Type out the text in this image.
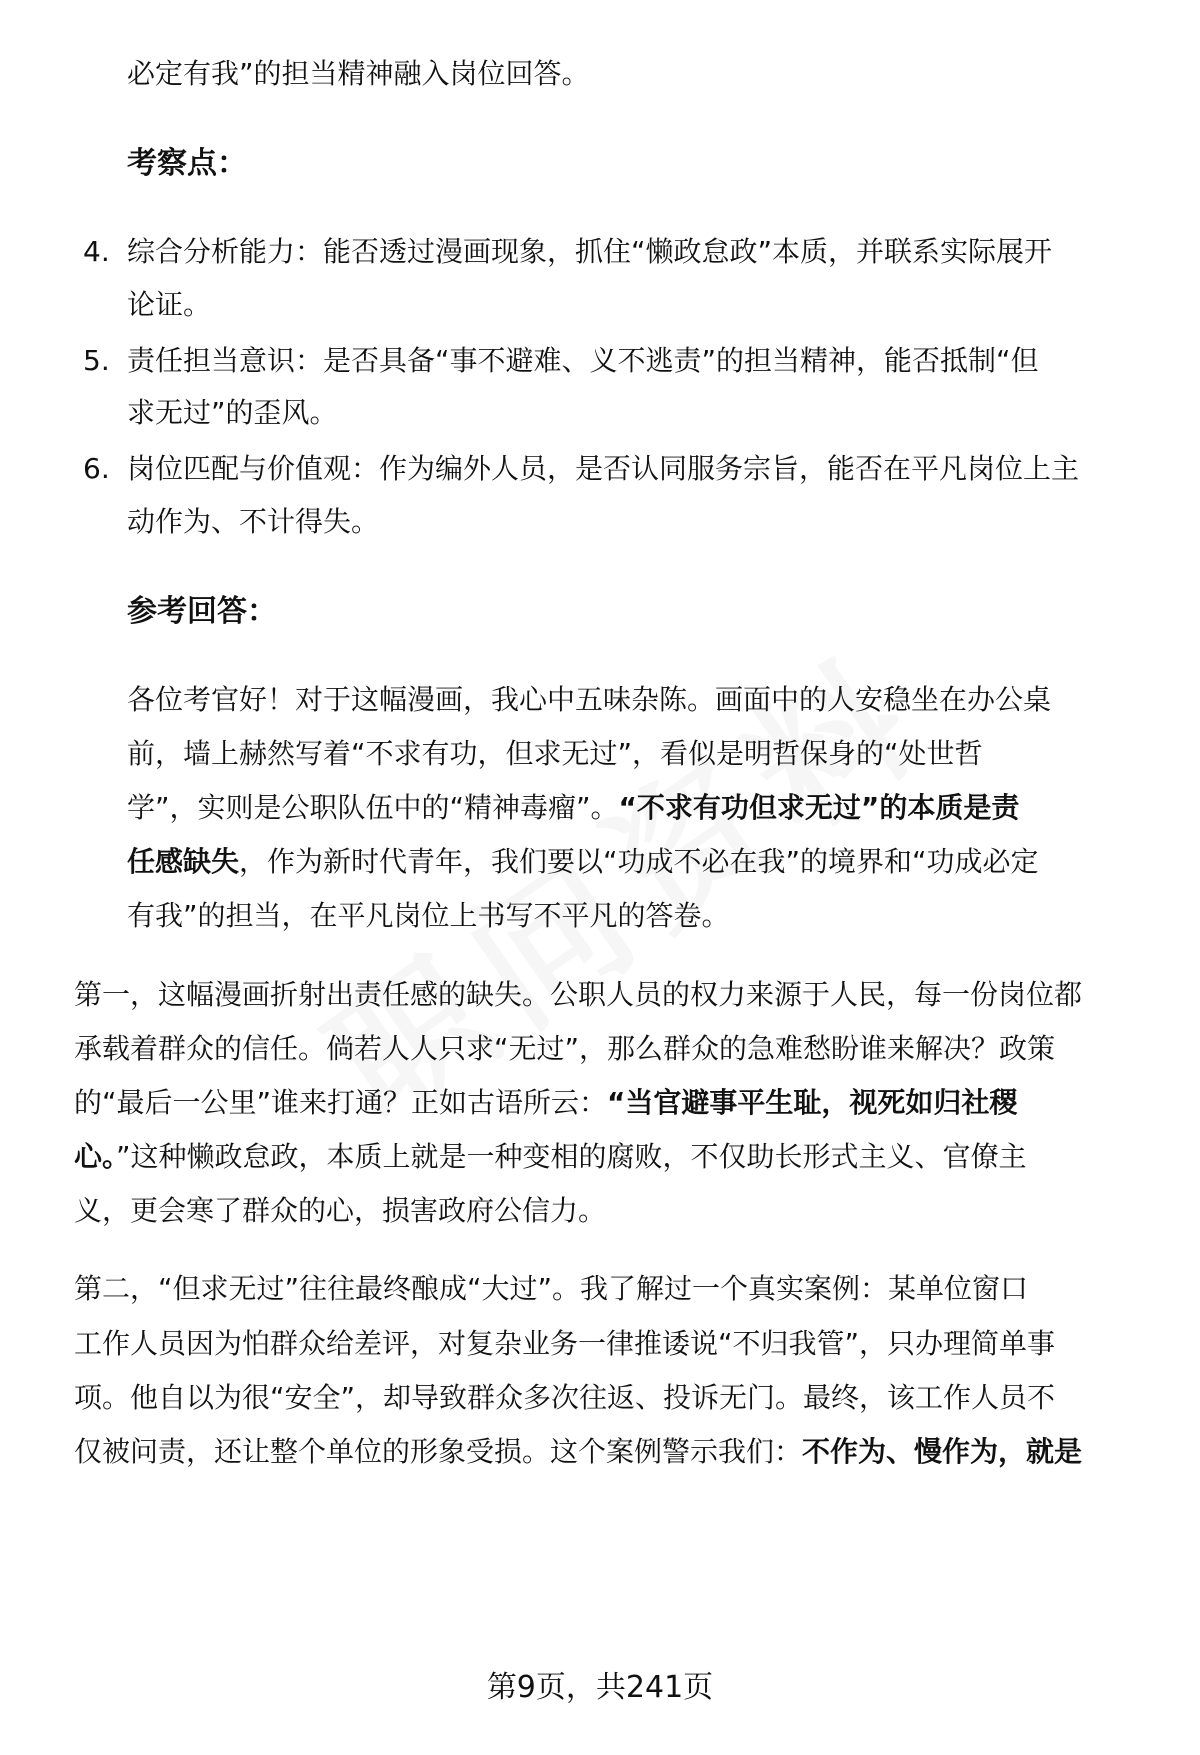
必定有我”的担当精神融入岗位回答。
考察点：
4. 综合分析能力：能否透过漫画现象，抓住“懒政怠政”本质，并联系实际展开
论证。
5. 责任担当意识：是否具备“事不避难、义不逃责”的担当精神，能否抵制“但
求无过”的歪风。
6. 岗位匹配与价值观：作为编外人员，是否认同服务宗旨，能否在平凡岗位上主
动作为、不计得失。
参考回答：
各位考官好！对于这幅漫画，我心中五味杂陈。画面中的人安稳坐在办公桌
前，墙上赫然写着“不求有功，但求无过”，看似是明哲保身的“处世哲
学”，实则是公职队伍中的“精神毒瘤”。“不求有功但求无过”的本质是责
任感缺失，作为新时代青年，我们要以“功成不必在我”的境界和“功成必定
有我”的担当，在平凡岗位上书写不平凡的答卷。
第一，这幅漫画折射出责任感的缺失。公职人员的权力来源于人民，每一份岗位都
承载着群众的信任。倘若人人只求“无过”，那么群众的急难愁盼谁来解决？政策
的“最后一公里”谁来打通？正如古语所云：“当官避事平生耻，视死如归社稷
心。”这种懒政怠政，本质上就是一种变相的腐败，不仅助长形式主义、官僚主
义，更会寒了群众的心，损害政府公信力。
第二，“但求无过”往往最终酿成“大过”。我了解过一个真实案例：某单位窗口
工作人员因为怕群众给差评，对复杂业务一律推诿说“不归我管”，只办理简单事
项。他自以为很“安全”，却导致群众多次往返、投诉无门。最终，该工作人员不
仅被问责，还让整个单位的形象受损。这个案例警示我们：不作为、慢作为，就是
第9页，共241页
